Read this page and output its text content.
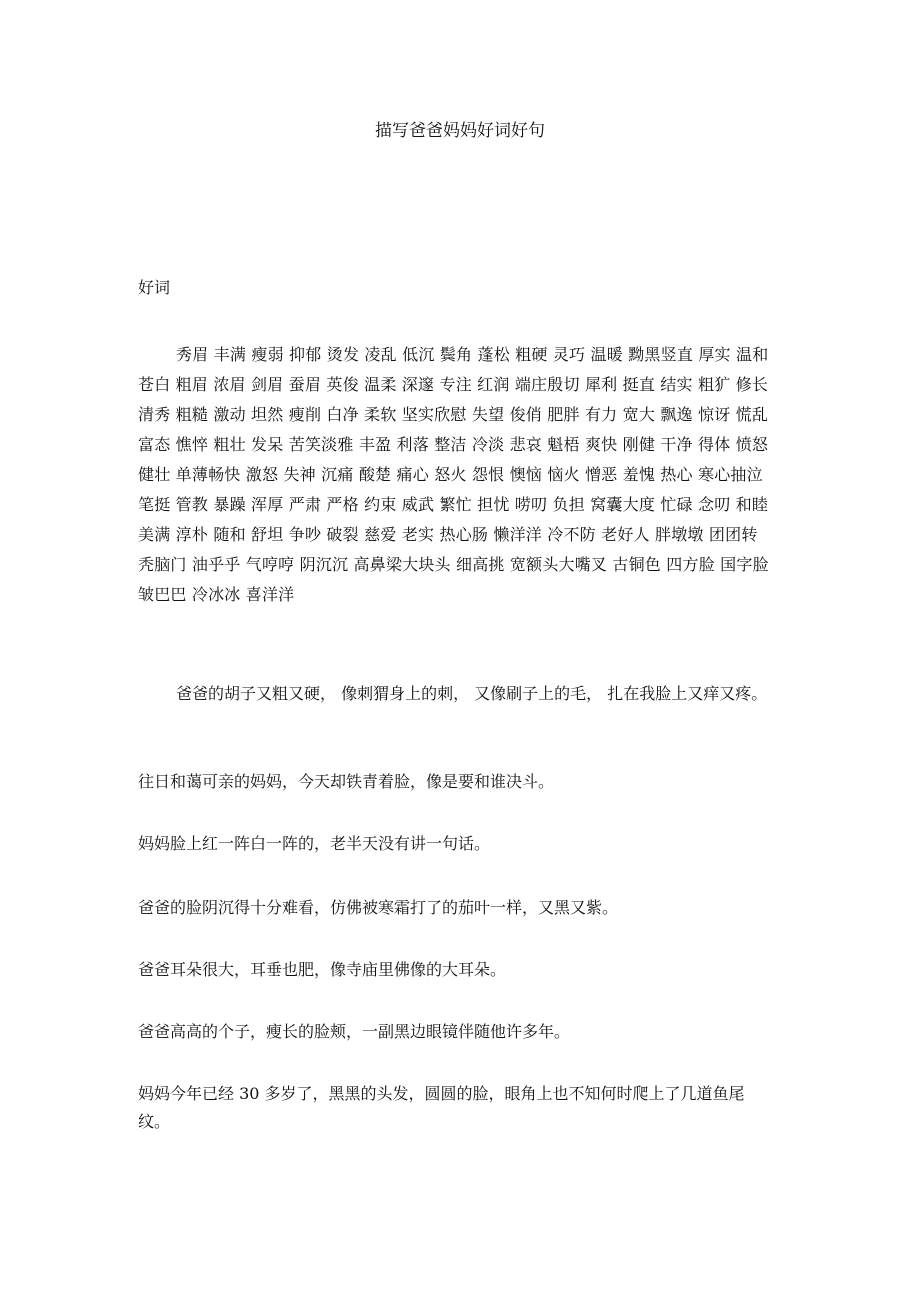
描写爸爸妈妈好词好句

好词

秀眉 丰满 瘦弱 抑郁 烫发 凌乱 低沉 鬓角 蓬松 粗硬 灵巧 温暖 黝黑竖直 厚实 温和 苍白 粗眉 浓眉 剑眉 蚕眉 英俊 温柔 深邃 专注 红润 端庄殷切 犀利 挺直 结实 粗犷 修长 清秀 粗糙 激动 坦然 瘦削 白净 柔软 坚实欣慰 失望 俊俏 肥胖 有力 宽大 飘逸 惊讶 慌乱 富态 憔悴 粗壮 发呆 苦笑淡雅 丰盈 利落 整洁 冷淡 悲哀 魁梧 爽快 刚健 干净 得体 愤怒 健壮 单薄畅快 激怒 失神 沉痛 酸楚 痛心 怒火 怨恨 懊恼 恼火 憎恶 羞愧 热心 寒心抽泣 笔挺 管教 暴躁 浑厚 严肃 严格 约束 威武 繁忙 担忧 唠叨 负担 窝囊大度 忙碌 念叨 和睦 美满 淳朴 随和 舒坦 争吵 破裂 慈爱 老实 热心肠 懒洋洋 冷不防 老好人 胖墩墩 团团转 秃脑门 油乎乎 气哼哼 阴沉沉 高鼻梁大块头 细高挑 宽额头大嘴叉 古铜色 四方脸 国字脸 皱巴巴 冷冰冰 喜洋洋

爸爸的胡子又粗又硬， 像刺猬身上的刺， 又像刷子上的毛， 扎在我脸上又痒又疼。

往日和蔼可亲的妈妈，今天却铁青着脸，像是要和谁决斗。

妈妈脸上红一阵白一阵的，老半天没有讲一句话。

爸爸的脸阴沉得十分难看，仿佛被寒霜打了的茄叶一样，又黑又紫。

爸爸耳朵很大，耳垂也肥，像寺庙里佛像的大耳朵。

爸爸高高的个子，瘦长的脸颊，一副黑边眼镜伴随他许多年。

妈妈今年已经 30 多岁了，黑黑的头发，圆圆的脸，眼角上也不知何时爬上了几道鱼尾纹。
